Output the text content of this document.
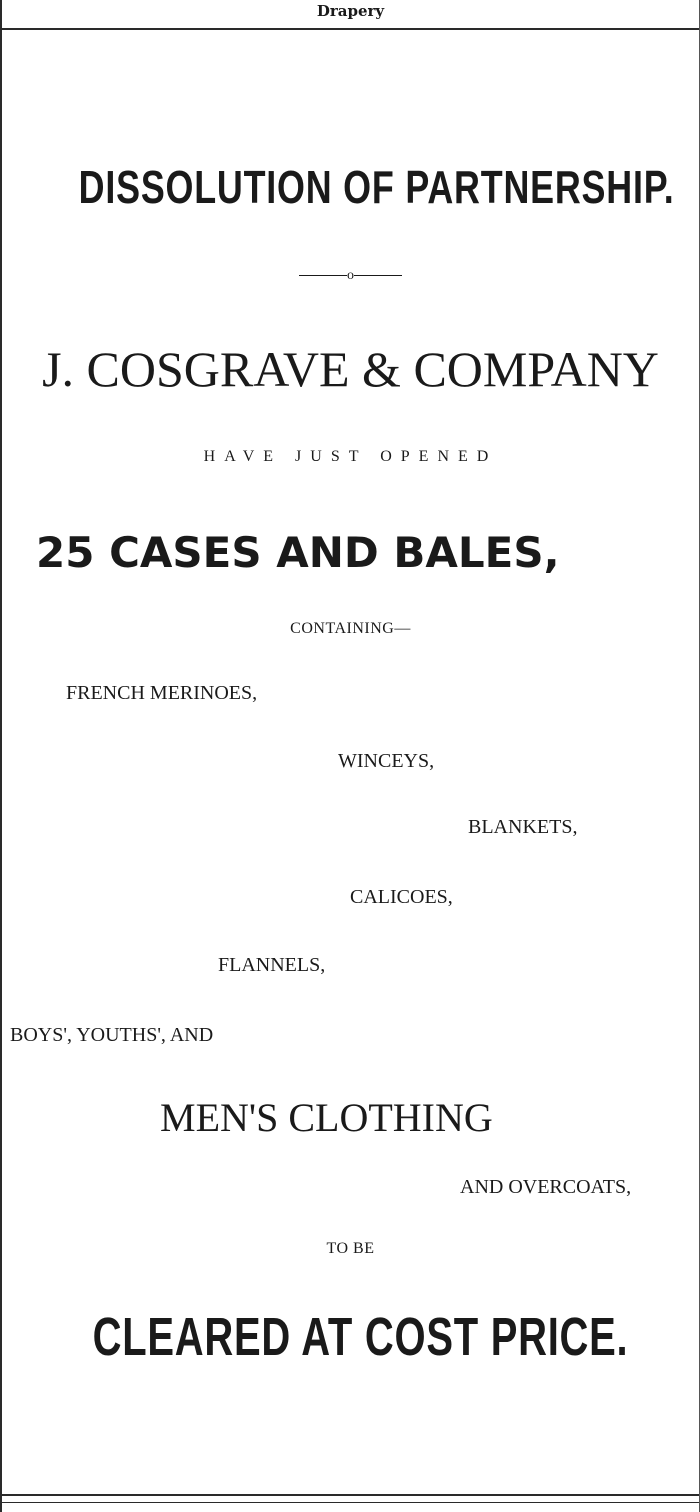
Drapery
DISSOLUTION OF PARTNERSHIP.
o
J. COSGRAVE & COMPANY
HAVE JUST OPENED
25 CASES AND BALES,
CONTAINING—
FRENCH MERINOES,
WINCEYS,
BLANKETS,
CALICOES,
FLANNELS,
BOYS', YOUTHS', AND
MEN'S CLOTHING
AND OVERCOATS,
TO BE
CLEARED AT COST PRICE.
